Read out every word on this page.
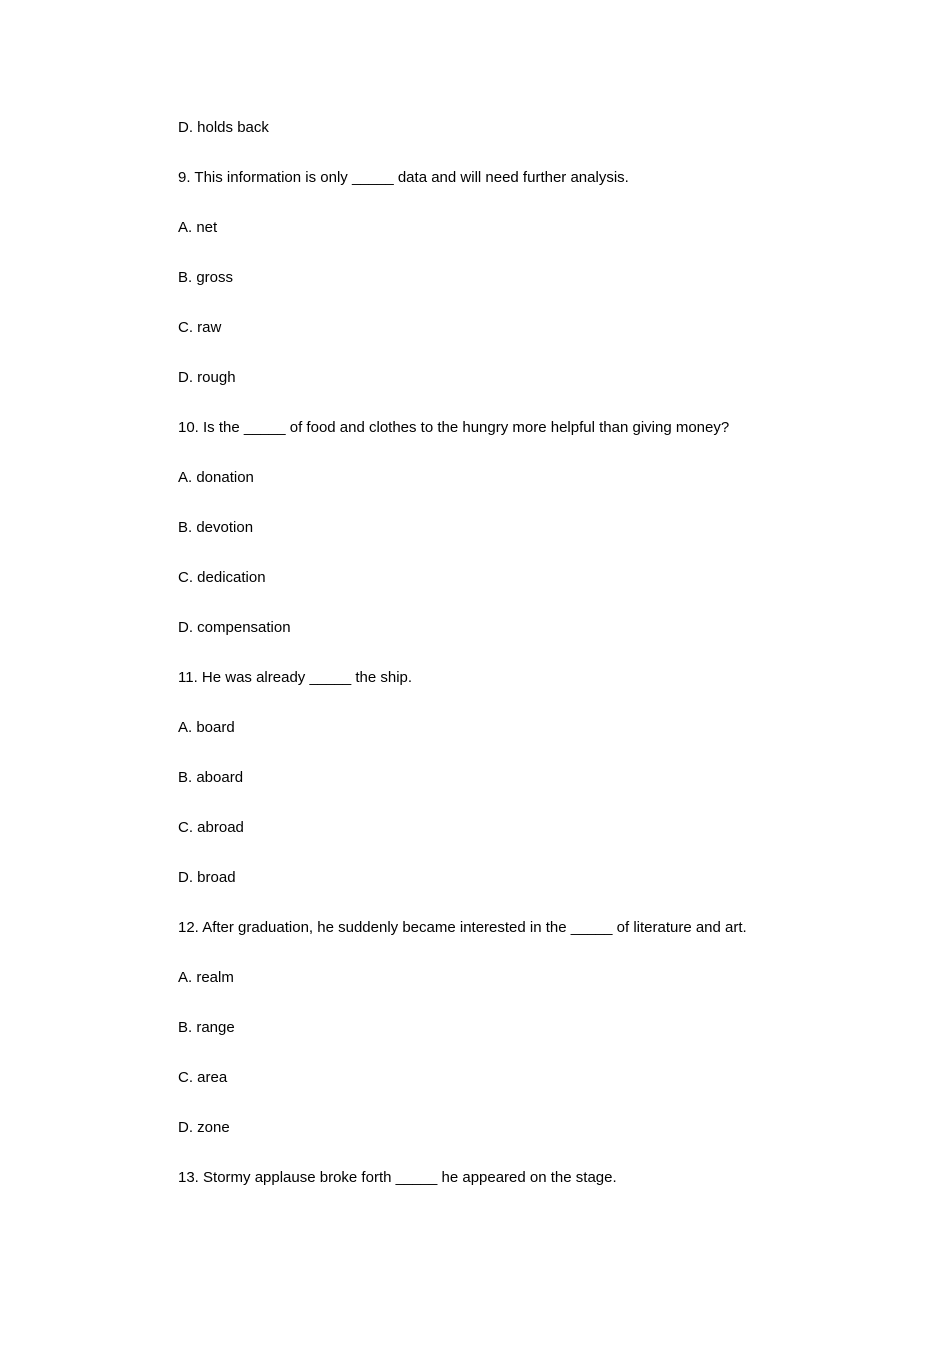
D. holds back
9. This information is only _____ data and will need further analysis.
A. net
B. gross
C. raw
D. rough
10. Is the _____ of food and clothes to the hungry more helpful than giving money?
A. donation
B. devotion
C. dedication
D. compensation
11. He was already _____ the ship.
A. board
B. aboard
C. abroad
D. broad
12. After graduation, he suddenly became interested in the _____ of literature and art.
A. realm
B. range
C. area
D. zone
13. Stormy applause broke forth _____ he appeared on the stage.
